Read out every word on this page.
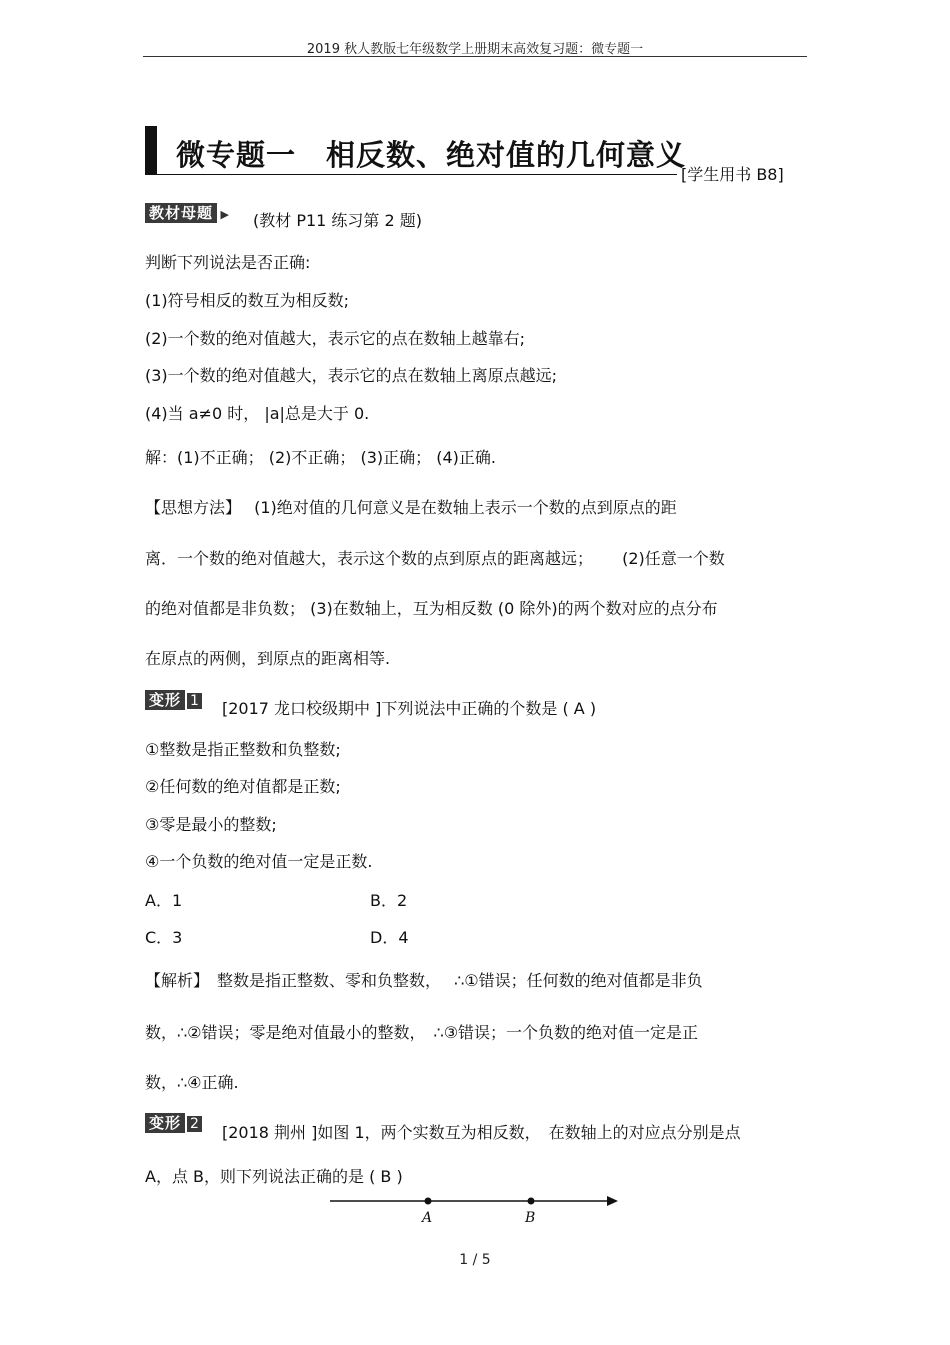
2019 秋人教版七年级数学上册期末高效复习题：微专题一
微专题一　相反数、绝对值的几何意义
[学生用书 B8]
教材母题 ▶ (教材 P11 练习第 2 题)
判断下列说法是否正确:
(1)符号相反的数互为相反数;
(2)一个数的绝对值越大，表示它的点在数轴上越靠右;
(3)一个数的绝对值越大，表示它的点在数轴上离原点越远;
(4)当 a≠0 时， |a|总是大于 0.
解：(1)不正确； (2)不正确； (3)正确； (4)正确.
【思想方法】　 (1)绝对值的几何意义是在数轴上表示一个数的点到原点的距
离．一个数的绝对值越大，表示这个数的点到原点的距离越远；　　 (2)任意一个数
的绝对值都是非负数； (3)在数轴上，互为相反数 (0 除外)的两个数对应的点分布
在原点的两侧，到原点的距离相等.
变形 1 [2017 龙口校级期中 ]下列说法中正确的个数是 ( A )
①整数是指正整数和负整数;
②任何数的绝对值都是正数;
③零是最小的整数;
④一个负数的绝对值一定是正数.
A．1	B．2
C．3	D．4
【解析】　整数是指正整数、零和负整数，　 ∴①错误；任何数的绝对值都是非负
数，∴②错误；零是绝对值最小的整数，　∴③错误；一个负数的绝对值一定是正
数，∴④正确.
变形 2 [2018 荆州 ]如图 1，两个实数互为相反数，　在数轴上的对应点分别是点
A，点 B，则下列说法正确的是 ( B )
A	B
1 / 5
